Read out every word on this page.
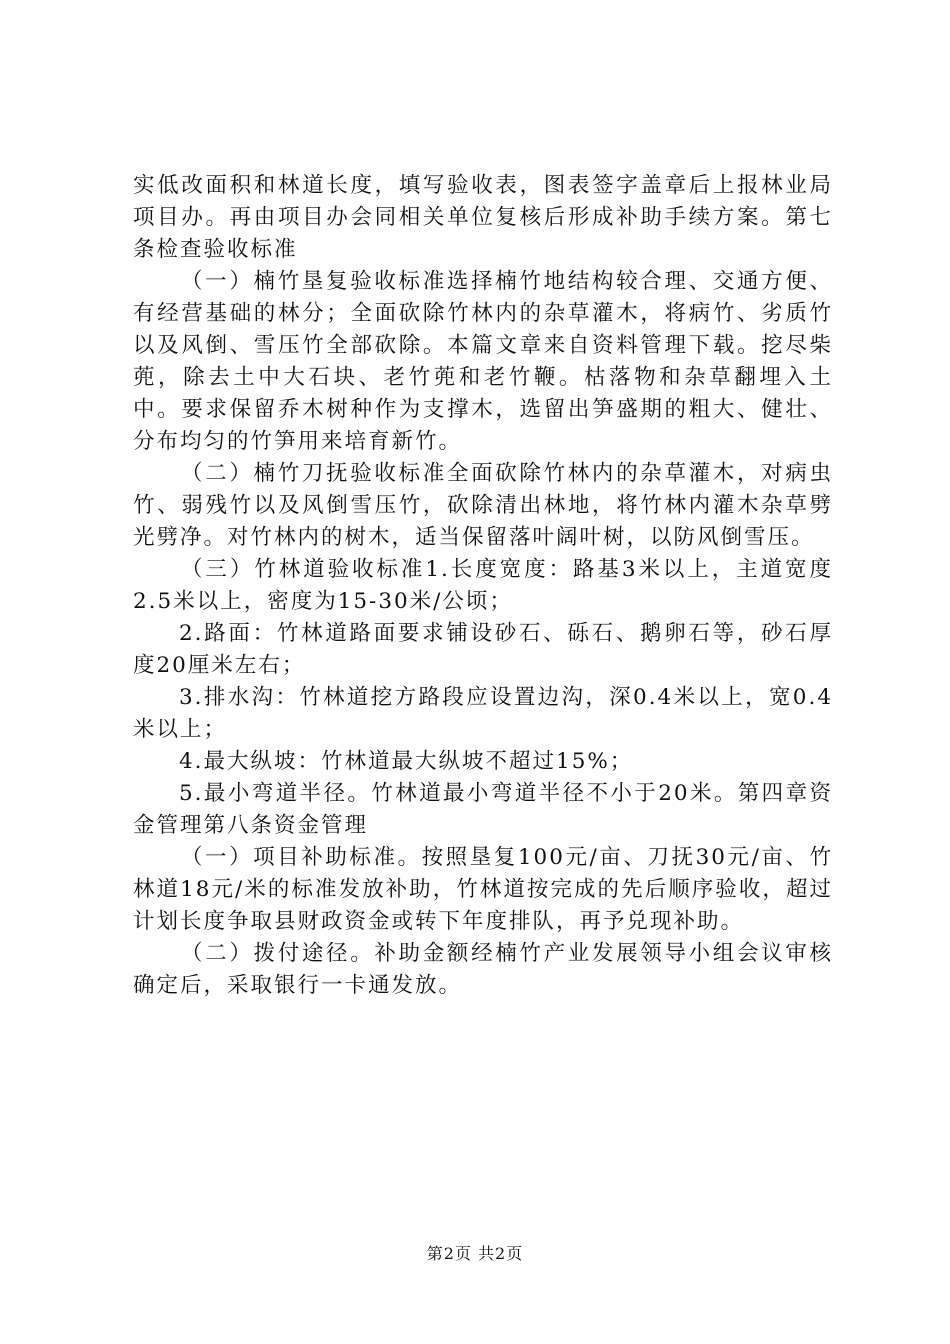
实低改面积和林道长度，填写验收表，图表签字盖章后上报林业局项目办。再由项目办会同相关单位复核后形成补助手续方案。第七条检查验收标准

（一）楠竹垦复验收标准选择楠竹地结构较合理、交通方便、有经营基础的林分；全面砍除竹林内的杂草灌木，将病竹、劣质竹以及风倒、雪压竹全部砍除。本篇文章来自资料管理下载。挖尽柴蔸，除去土中大石块、老竹蔸和老竹鞭。枯落物和杂草翻埋入土中。要求保留乔木树种作为支撑木，选留出笋盛期的粗大、健壮、分布均匀的竹笋用来培育新竹。

（二）楠竹刀抚验收标准全面砍除竹林内的杂草灌木，对病虫竹、弱残竹以及风倒雪压竹，砍除清出林地，将竹林内灌木杂草劈光劈净。对竹林内的树木，适当保留落叶阔叶树，以防风倒雪压。

（三）竹林道验收标准1.长度宽度：路基3米以上，主道宽度2.5米以上，密度为15-30米/公顷；

2.路面：竹林道路面要求铺设砂石、砾石、鹅卵石等，砂石厚度20厘米左右；

3.排水沟：竹林道挖方路段应设置边沟，深0.4米以上，宽0.4米以上；

4.最大纵坡：竹林道最大纵坡不超过15%；

5.最小弯道半径。竹林道最小弯道半径不小于20米。第四章资金管理第八条资金管理

（一）项目补助标准。按照垦复100元/亩、刀抚30元/亩、竹林道18元/米的标准发放补助，竹林道按完成的先后顺序验收，超过计划长度争取县财政资金或转下年度排队，再予兑现补助。

（二）拨付途径。补助金额经楠竹产业发展领导小组会议审核确定后，采取银行一卡通发放。

第2页 共2页
